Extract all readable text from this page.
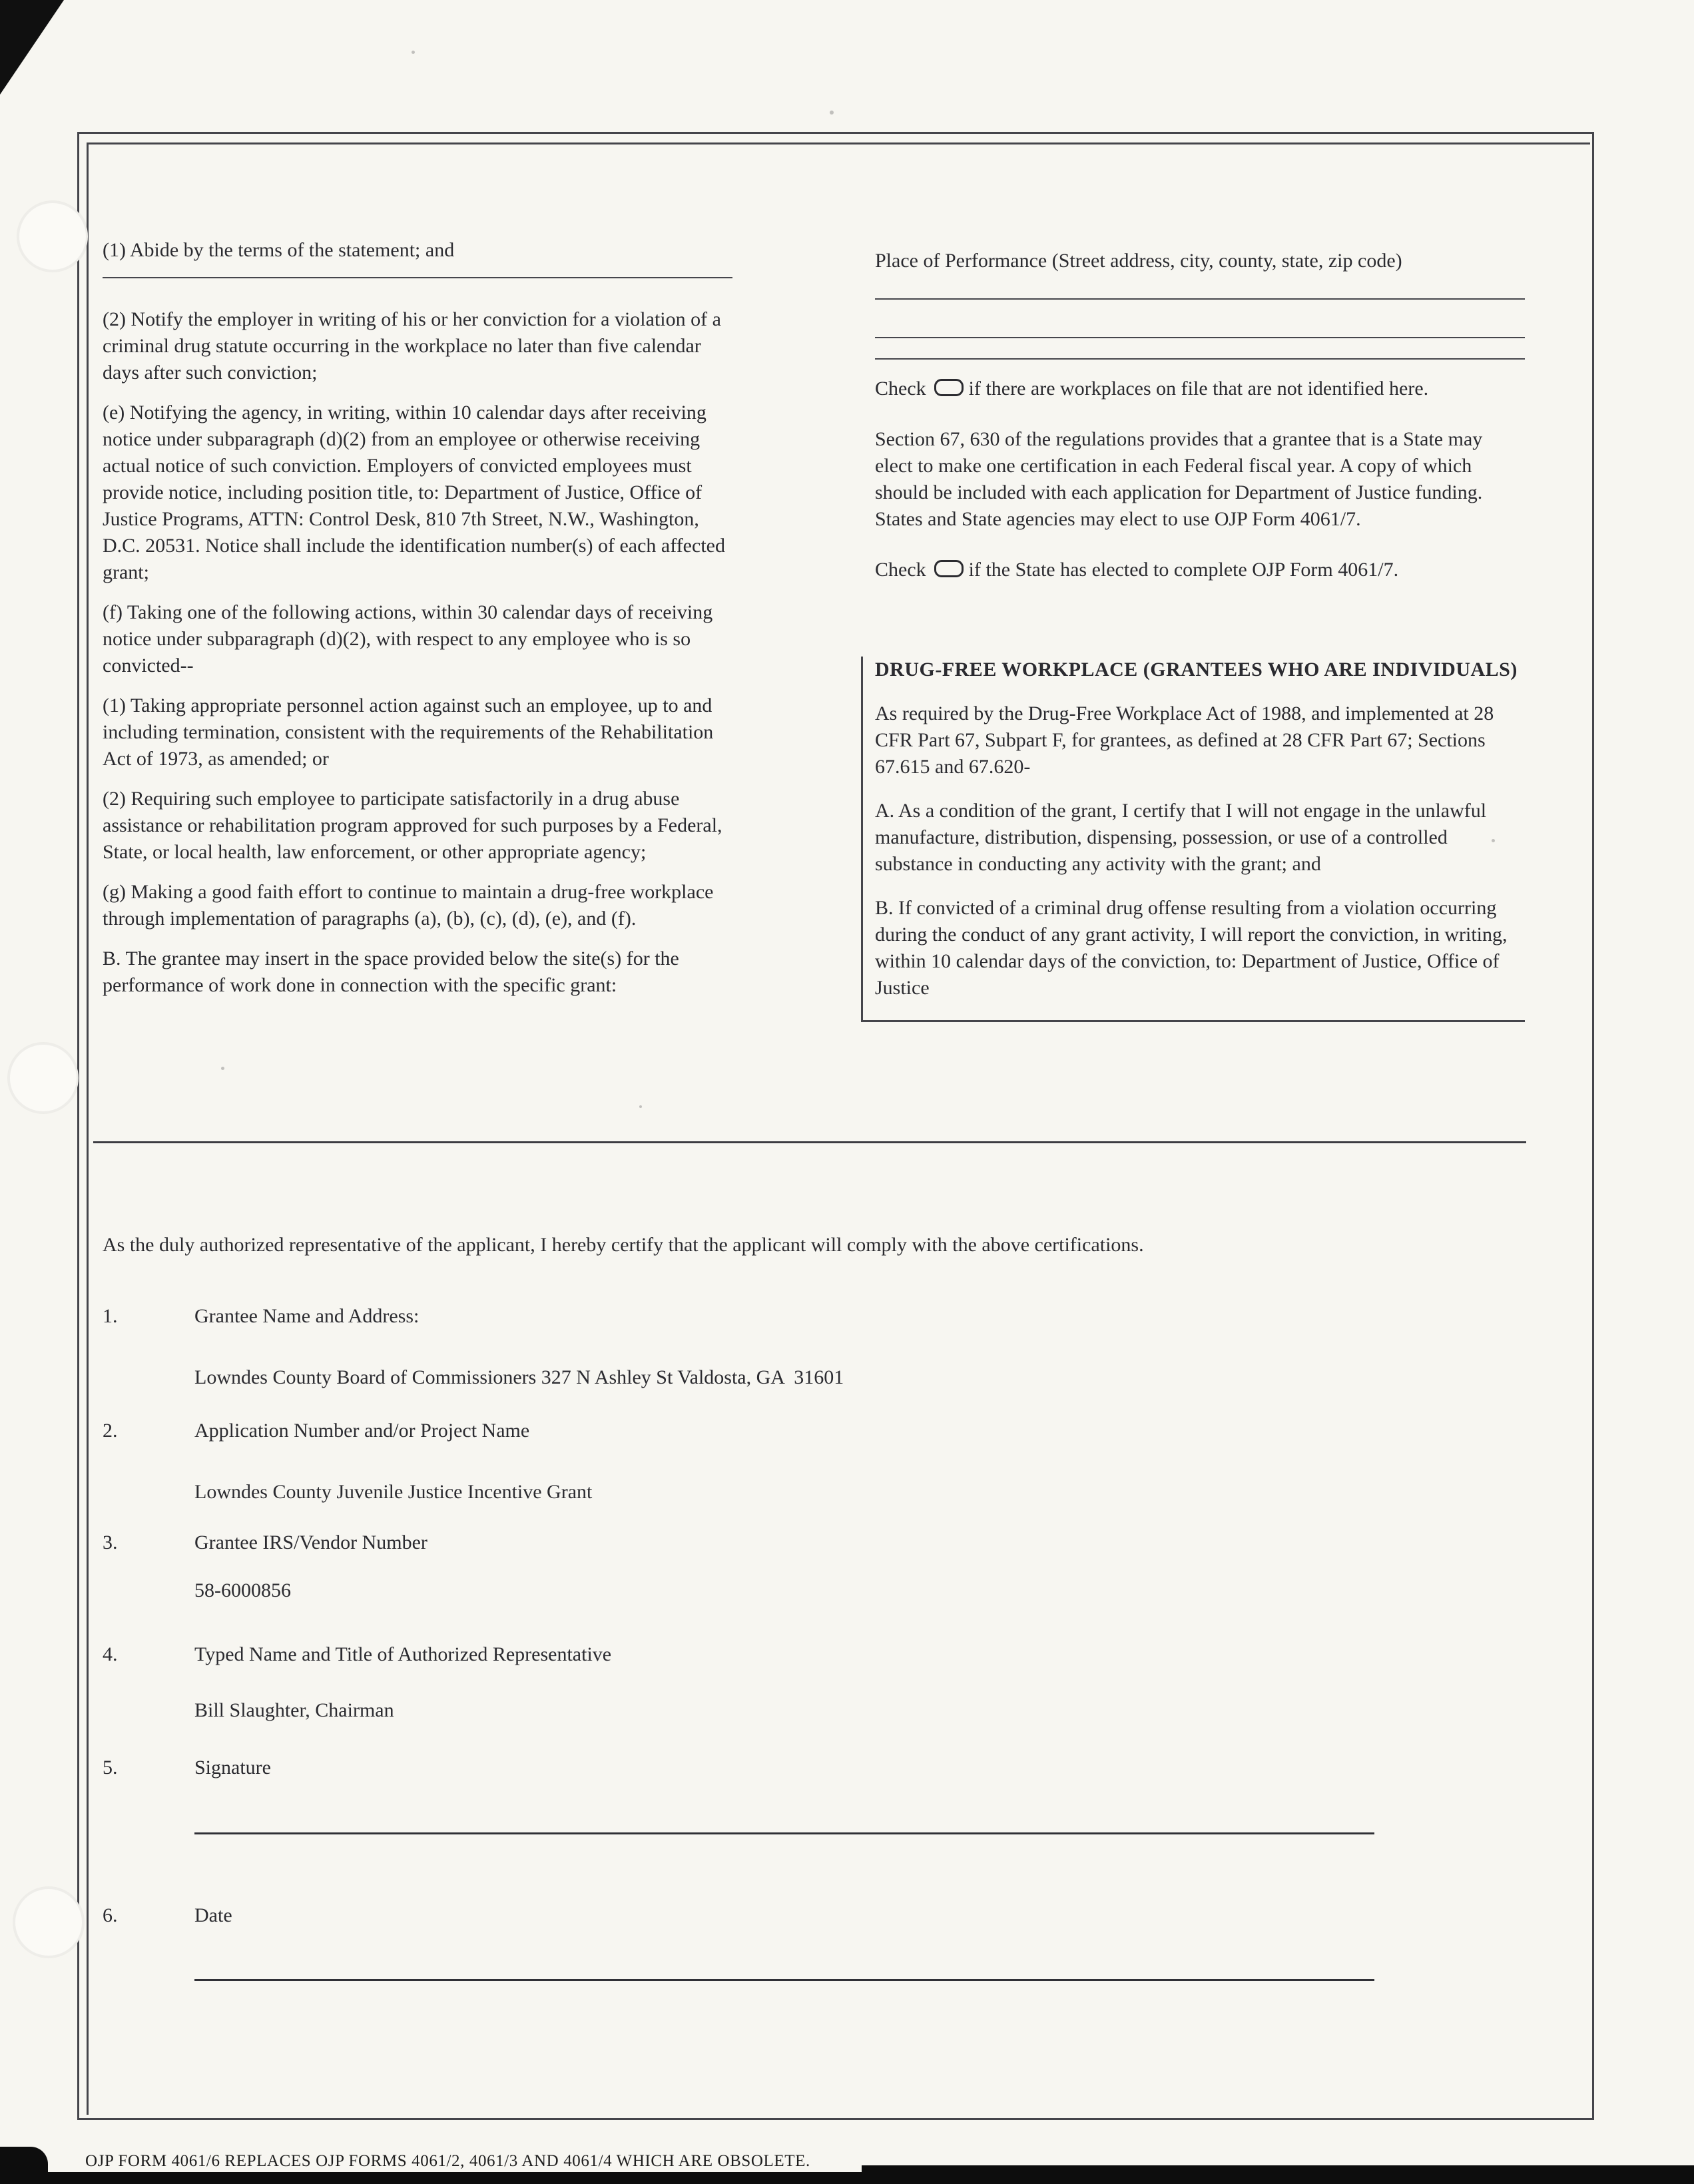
(1) Abide by the terms of the statement; and

(2) Notify the employer in writing of his or her conviction for a violation of a criminal drug statute occurring in the workplace no later than five calendar days after such conviction;

(e) Notifying the agency, in writing, within 10 calendar days after receiving notice under subparagraph (d)(2) from an employee or otherwise receiving actual notice of such conviction. Employers of convicted employees must provide notice, including position title, to: Department of Justice, Office of Justice Programs, ATTN: Control Desk, 810 7th Street, N.W., Washington, D.C. 20531. Notice shall include the identification number(s) of each affected grant;

(f) Taking one of the following actions, within 30 calendar days of receiving notice under subparagraph (d)(2), with respect to any employee who is so convicted--

(1) Taking appropriate personnel action against such an employee, up to and including termination, consistent with the requirements of the Rehabilitation Act of 1973, as amended; or

(2) Requiring such employee to participate satisfactorily in a drug abuse assistance or rehabilitation program approved for such purposes by a Federal, State, or local health, law enforcement, or other appropriate agency;

(g) Making a good faith effort to continue to maintain a drug-free workplace through implementation of paragraphs (a), (b), (c), (d), (e), and (f).

B. The grantee may insert in the space provided below the site(s) for the performance of work done in connection with the specific grant:

Place of Performance (Street address, city, county, state, zip code)

Check if there are workplaces on file that are not identified here.

Section 67, 630 of the regulations provides that a grantee that is a State may elect to make one certification in each Federal fiscal year. A copy of which should be included with each application for Department of Justice funding. States and State agencies may elect to use OJP Form 4061/7.

Check if the State has elected to complete OJP Form 4061/7.

DRUG-FREE WORKPLACE (GRANTEES WHO ARE INDIVIDUALS)

As required by the Drug-Free Workplace Act of 1988, and implemented at 28 CFR Part 67, Subpart F, for grantees, as defined at 28 CFR Part 67; Sections 67.615 and 67.620-

A. As a condition of the grant, I certify that I will not engage in the unlawful manufacture, distribution, dispensing, possession, or use of a controlled substance in conducting any activity with the grant; and

B. If convicted of a criminal drug offense resulting from a violation occurring during the conduct of any grant activity, I will report the conviction, in writing, within 10 calendar days of the conviction, to: Department of Justice, Office of Justice

As the duly authorized representative of the applicant, I hereby certify that the applicant will comply with the above certifications.
1.	Grantee Name and Address:
Lowndes County Board of Commissioners 327 N Ashley St Valdosta, GA  31601
2.	Application Number and/or Project Name
Lowndes County Juvenile Justice Incentive Grant
3.	Grantee IRS/Vendor Number
58-6000856
4.	Typed Name and Title of Authorized Representative
Bill Slaughter, Chairman
5.	Signature
6.	Date
OJP FORM 4061/6 REPLACES OJP FORMS 4061/2, 4061/3 AND 4061/4 WHICH ARE OBSOLETE.
